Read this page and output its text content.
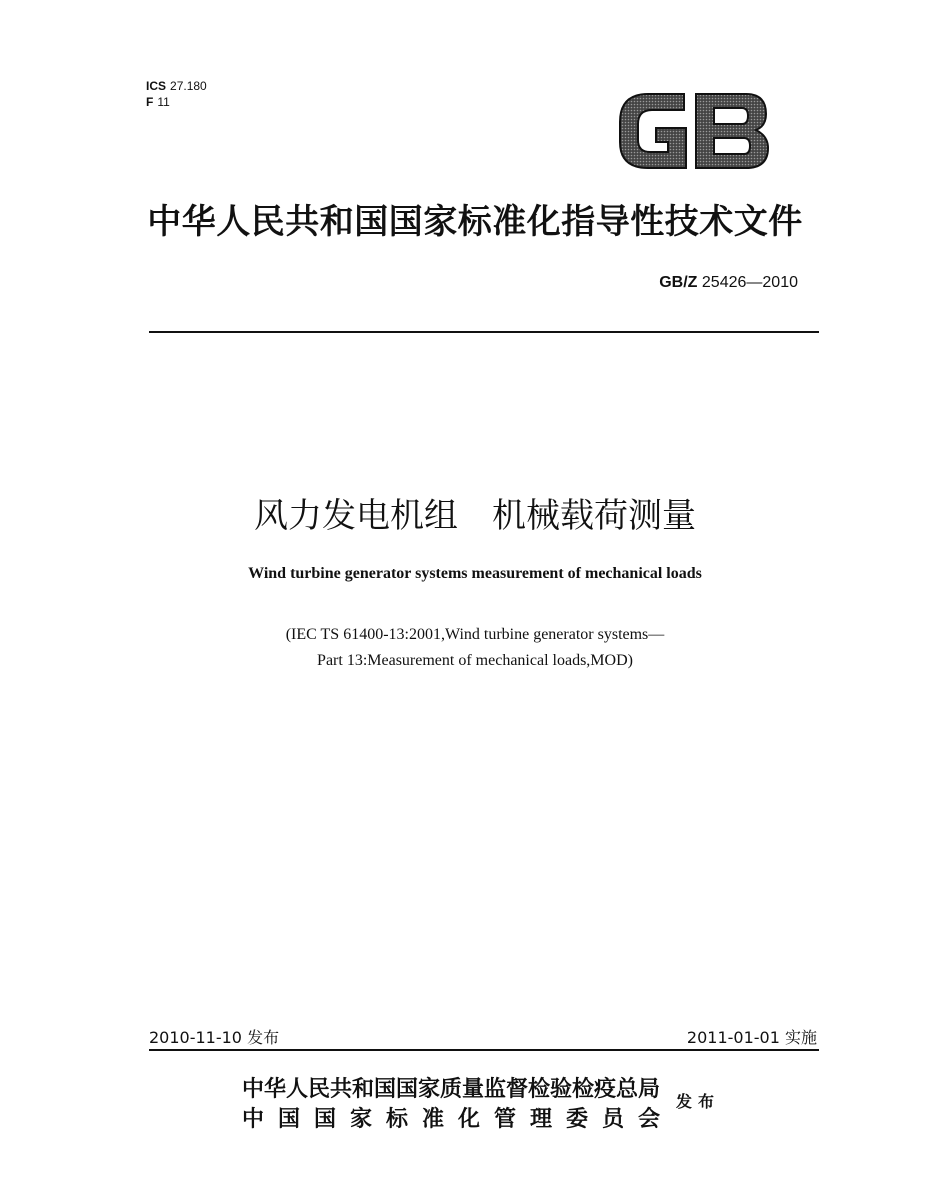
ICS 27.180
F 11
中华人民共和国国家标准化指导性技术文件
GB/Z 25426—2010
风力发电机组　机械载荷测量
Wind turbine generator systems measurement of mechanical loads
(IEC TS 61400-13:2001,Wind turbine generator systems—
Part 13:Measurement of mechanical loads,MOD)
2010-11-10 发布	2011-01-01 实施
中华人民共和国国家质量监督检验检疫总局
中 国 国 家 标 准 化 管 理 委 员 会
发布
